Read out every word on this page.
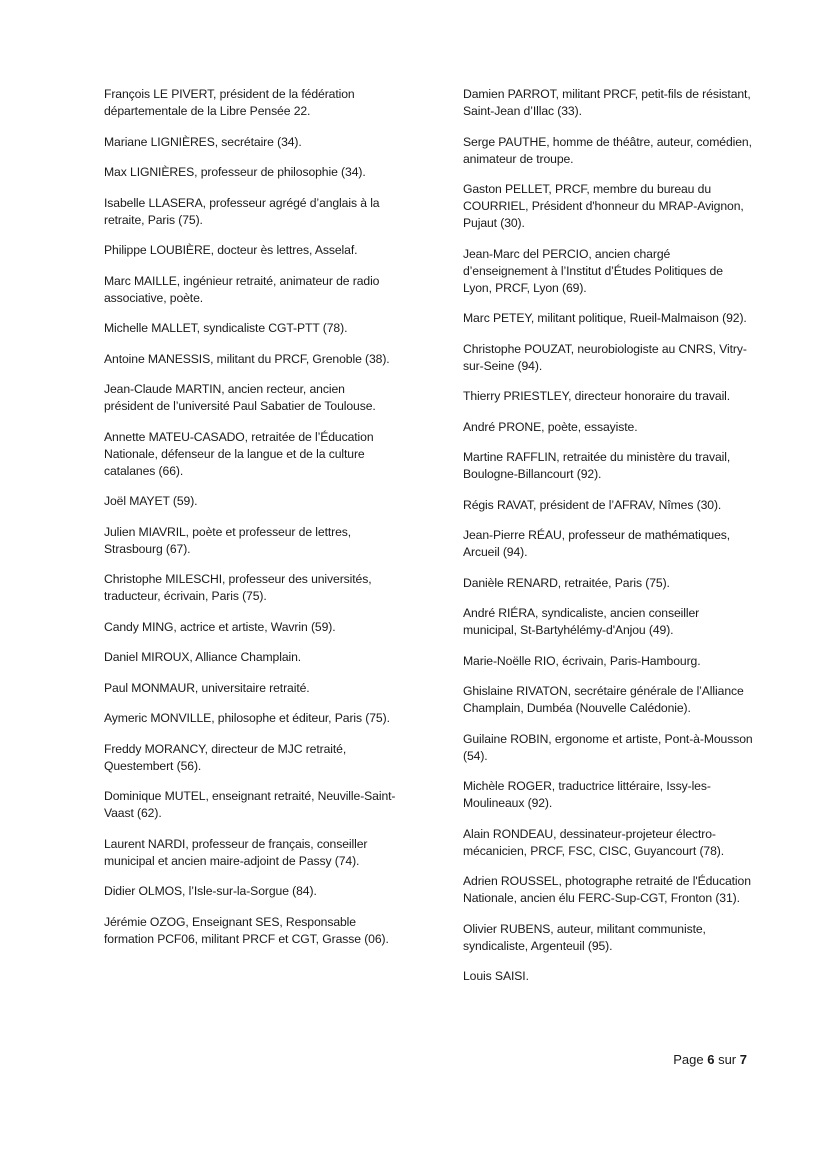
François LE PIVERT, président de la fédération départementale de la Libre Pensée 22.

Mariane LIGNIÈRES, secrétaire (34).

Max LIGNIÈRES, professeur de philosophie (34).

Isabelle LLASERA, professeur agrégé d’anglais à la retraite, Paris (75).

Philippe LOUBIÈRE, docteur ès lettres, Asselaf.

Marc MAILLE, ingénieur retraité, animateur de radio associative, poète.

Michelle MALLET, syndicaliste CGT-PTT (78).

Antoine MANESSIS, militant du PRCF, Grenoble (38).

Jean-Claude MARTIN, ancien recteur, ancien président de l’université Paul Sabatier de Toulouse.

Annette MATEU-CASADO, retraitée de l’Éducation Nationale, défenseur de la langue et de la culture catalanes (66).

Joël MAYET (59).

Julien MIAVRIL, poète et professeur de lettres, Strasbourg (67).

Christophe MILESCHI, professeur des universités, traducteur, écrivain, Paris (75).

Candy MING, actrice et artiste, Wavrin (59).

Daniel MIROUX, Alliance Champlain.

Paul MONMAUR, universitaire retraité.

Aymeric MONVILLE, philosophe et éditeur, Paris (75).

Freddy MORANCY, directeur de MJC retraité, Questembert (56).

Dominique MUTEL, enseignant retraité, Neuville-Saint-Vaast (62).

Laurent NARDI, professeur de français, conseiller municipal et ancien maire-adjoint de Passy (74).

Didier OLMOS, l’Isle-sur-la-Sorgue (84).

Jérémie OZOG, Enseignant SES, Responsable formation PCF06, militant PRCF et CGT, Grasse (06).

Damien PARROT, militant PRCF, petit-fils de résistant, Saint-Jean d’Illac (33).

Serge PAUTHE, homme de théâtre, auteur, comédien, animateur de troupe.

Gaston PELLET, PRCF, membre du bureau du COURRIEL, Président d'honneur du MRAP-Avignon, Pujaut (30).

Jean-Marc del PERCIO, ancien chargé d’enseignement à l’Institut d’Études Politiques de Lyon, PRCF, Lyon (69).

Marc PETEY, militant politique, Rueil-Malmaison (92).

Christophe POUZAT, neurobiologiste au CNRS, Vitry-sur-Seine (94).

Thierry PRIESTLEY, directeur honoraire du travail.

André PRONE, poète, essayiste.

Martine RAFFLIN, retraitée du ministère du travail, Boulogne-Billancourt (92).

Régis RAVAT, président de l’AFRAV, Nîmes (30).

Jean-Pierre RÉAU, professeur de mathématiques, Arcueil (94).

Danièle RENARD, retraitée, Paris (75).

André RIÉRA, syndicaliste, ancien conseiller municipal, St-Bartyhélémy-d'Anjou (49).

Marie-Noëlle RIO, écrivain, Paris-Hambourg.

Ghislaine RIVATON, secrétaire générale de l’Alliance Champlain, Dumbéa (Nouvelle Calédonie).

Guilaine ROBIN, ergonome et artiste, Pont-à-Mousson (54).

Michèle ROGER, traductrice littéraire, Issy-les-Moulineaux (92).

Alain RONDEAU, dessinateur-projeteur électro-mécanicien, PRCF, FSC, CISC, Guyancourt (78).

Adrien ROUSSEL, photographe retraité de l'Éducation Nationale, ancien élu FERC-Sup-CGT, Fronton (31).

Olivier RUBENS, auteur, militant communiste, syndicaliste, Argenteuil (95).

Louis SAISI.

Page 6 sur 7
